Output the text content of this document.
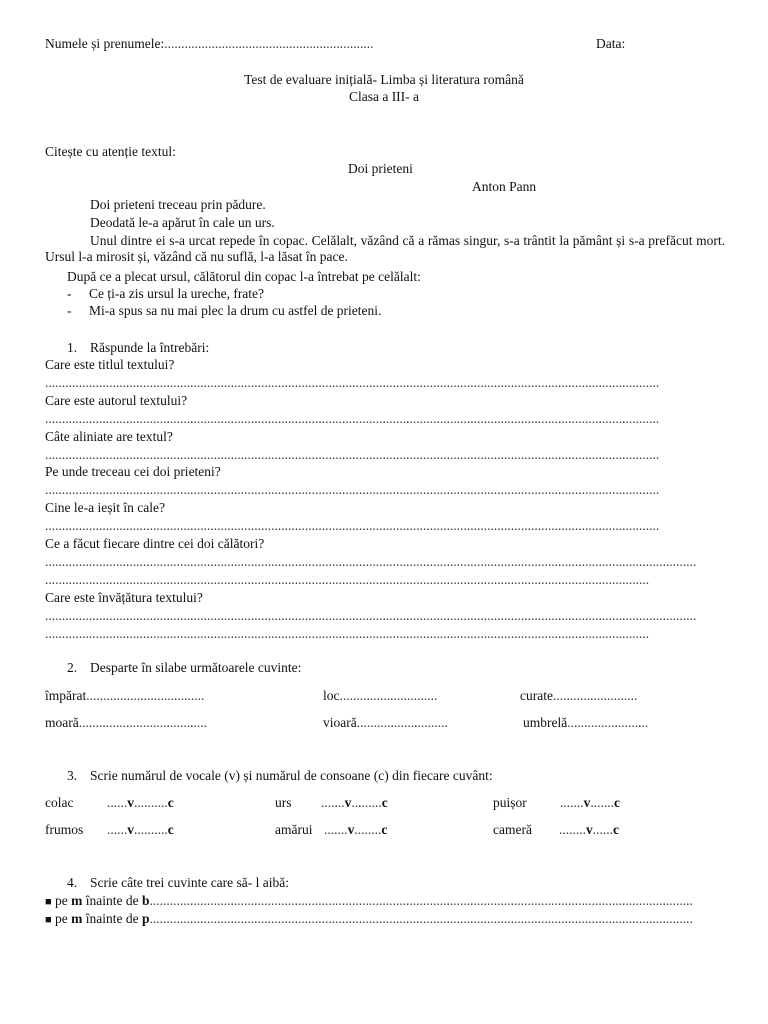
Numele și prenumele:..............................................................	Data:
Test de evaluare inițială- Limba și literatura română
Clasa a III- a
Citește cu atenție textul:
Doi prieteni
Anton Pann
Doi prieteni treceau prin pădure.
Deodată le-a apărut în cale un urs.
Unul dintre ei s-a urcat repede în copac. Celălalt, văzând că a rămas singur, s-a trântit la pământ și s-a prefăcut mort. Ursul l-a mirosit și, văzând că nu suflă, l-a lăsat în pace.
După ce a plecat ursul, călătorul din copac l-a întrebat pe celălalt:
- Ce ți-a zis ursul la ureche, frate?
- Mi-a spus sa nu mai plec la drum cu astfel de prieteni.
1. Răspunde la întrebări:
Care este titlul textului?
......................................................................................................................................................................................
Care este autorul textului?
......................................................................................................................................................................................
Câte aliniate are textul?
......................................................................................................................................................................................
Pe unde treceau cei doi prieteni?
......................................................................................................................................................................................
Cine le-a ieșit în cale?
......................................................................................................................................................................................
Ce a făcut fiecare dintre cei doi călători?
.................................................................................................................................................................................................
...................................................................................................................................................................................
Care este învățătura textului?
.................................................................................................................................................................................................
...................................................................................................................................................................................
2. Desparte în silabe următoarele cuvinte:
împărat...................................	loc.............................	curate.........................
moară......................................	vioară...........................	umbrelă........................
3. Scrie numărul de vocale (v) și numărul de consoane (c) din fiecare cuvânt:
colac ......v..........c	urs .......v.........c	puișor .......v.......c
frumos ......v..........c	amărui .......v........c	cameră ........v......c
4. Scrie câte trei cuvinte care să- l aibă:
■ pe m înainte de b.................................................................................................................................................................
■ pe m înainte de p.................................................................................................................................................................
